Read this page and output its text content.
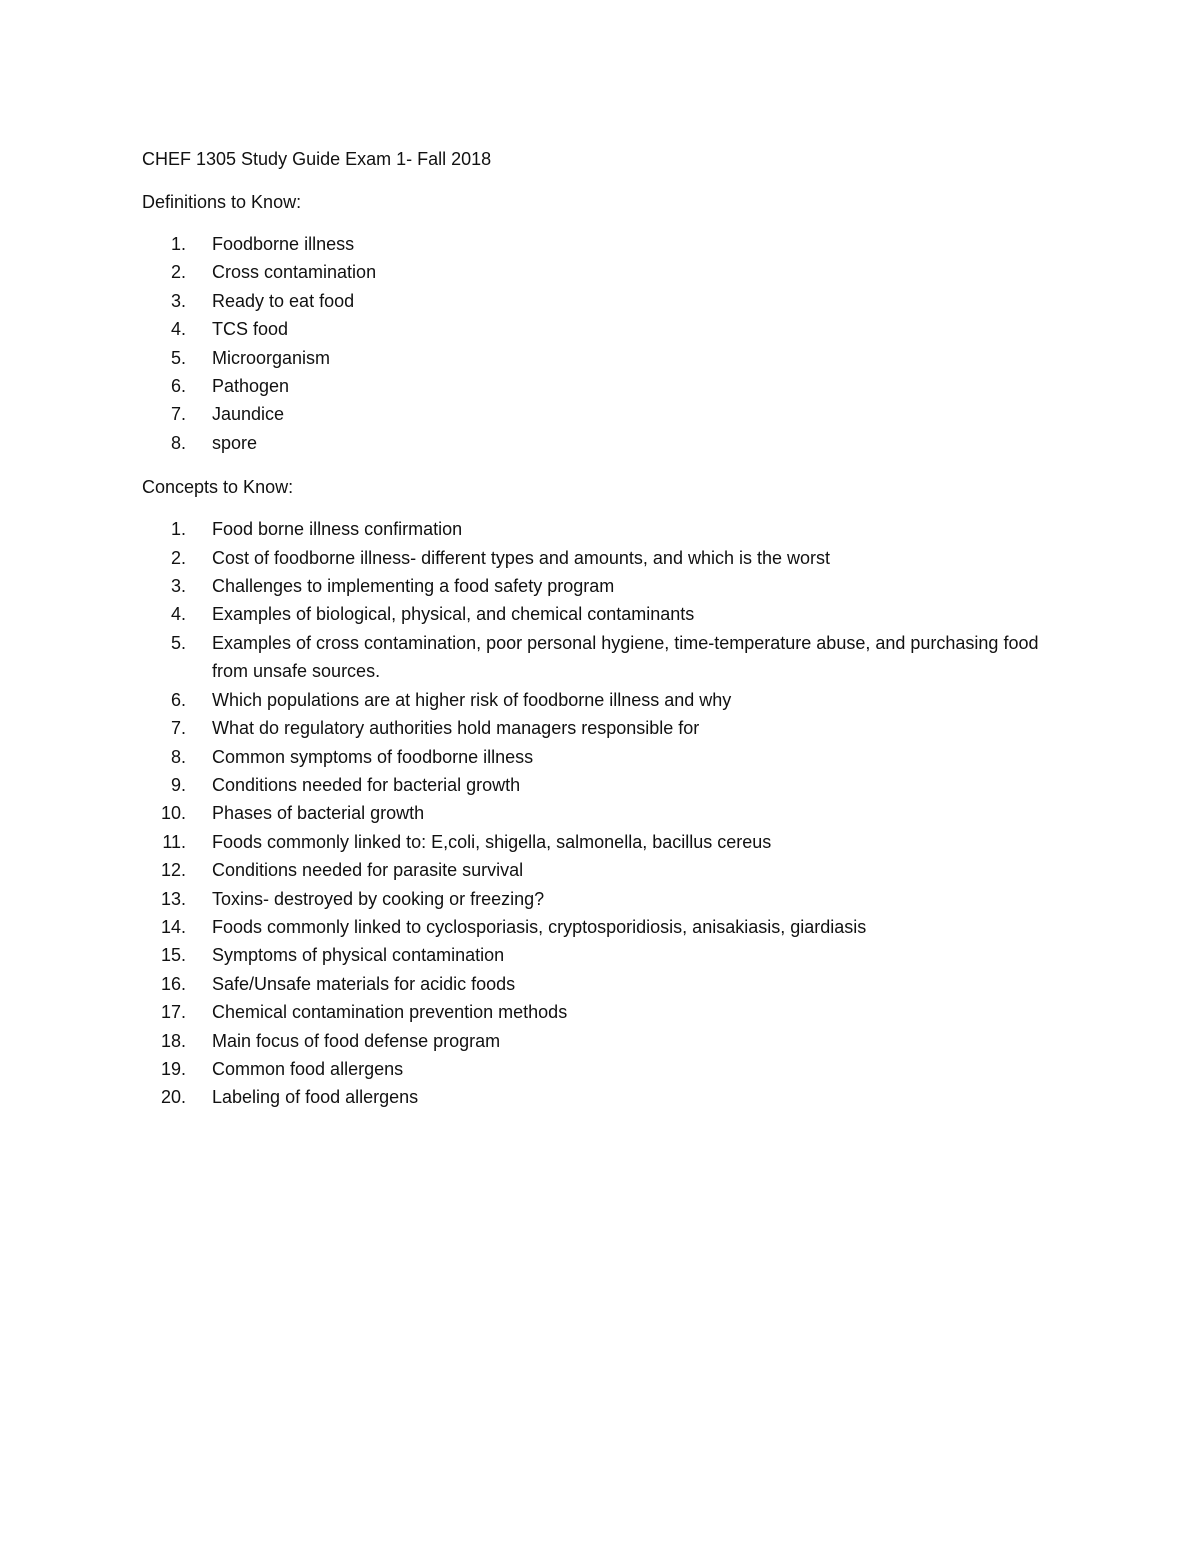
CHEF 1305 Study Guide Exam 1- Fall 2018

Definitions to Know:

1. Foodborne illness
2. Cross contamination
3. Ready to eat food
4. TCS food
5. Microorganism
6. Pathogen
7. Jaundice
8. spore

Concepts to Know:

1. Food borne illness confirmation
2. Cost of foodborne illness- different types and amounts, and which is the worst
3. Challenges to implementing a food safety program
4. Examples of biological, physical, and chemical contaminants
5. Examples of cross contamination, poor personal hygiene, time-temperature abuse, and purchasing food from unsafe sources.
6. Which populations are at higher risk of foodborne illness and why
7. What do regulatory authorities hold managers responsible for
8. Common symptoms of foodborne illness
9. Conditions needed for bacterial growth
10. Phases of bacterial growth
11. Foods commonly linked to: E,coli, shigella, salmonella, bacillus cereus
12. Conditions needed for parasite survival
13. Toxins- destroyed by cooking or freezing?
14. Foods commonly linked to cyclosporiasis, cryptosporidiosis, anisakiasis, giardiasis
15. Symptoms of physical contamination
16. Safe/Unsafe materials for acidic foods
17. Chemical contamination prevention methods
18. Main focus of food defense program
19. Common food allergens
20. Labeling of food allergens
